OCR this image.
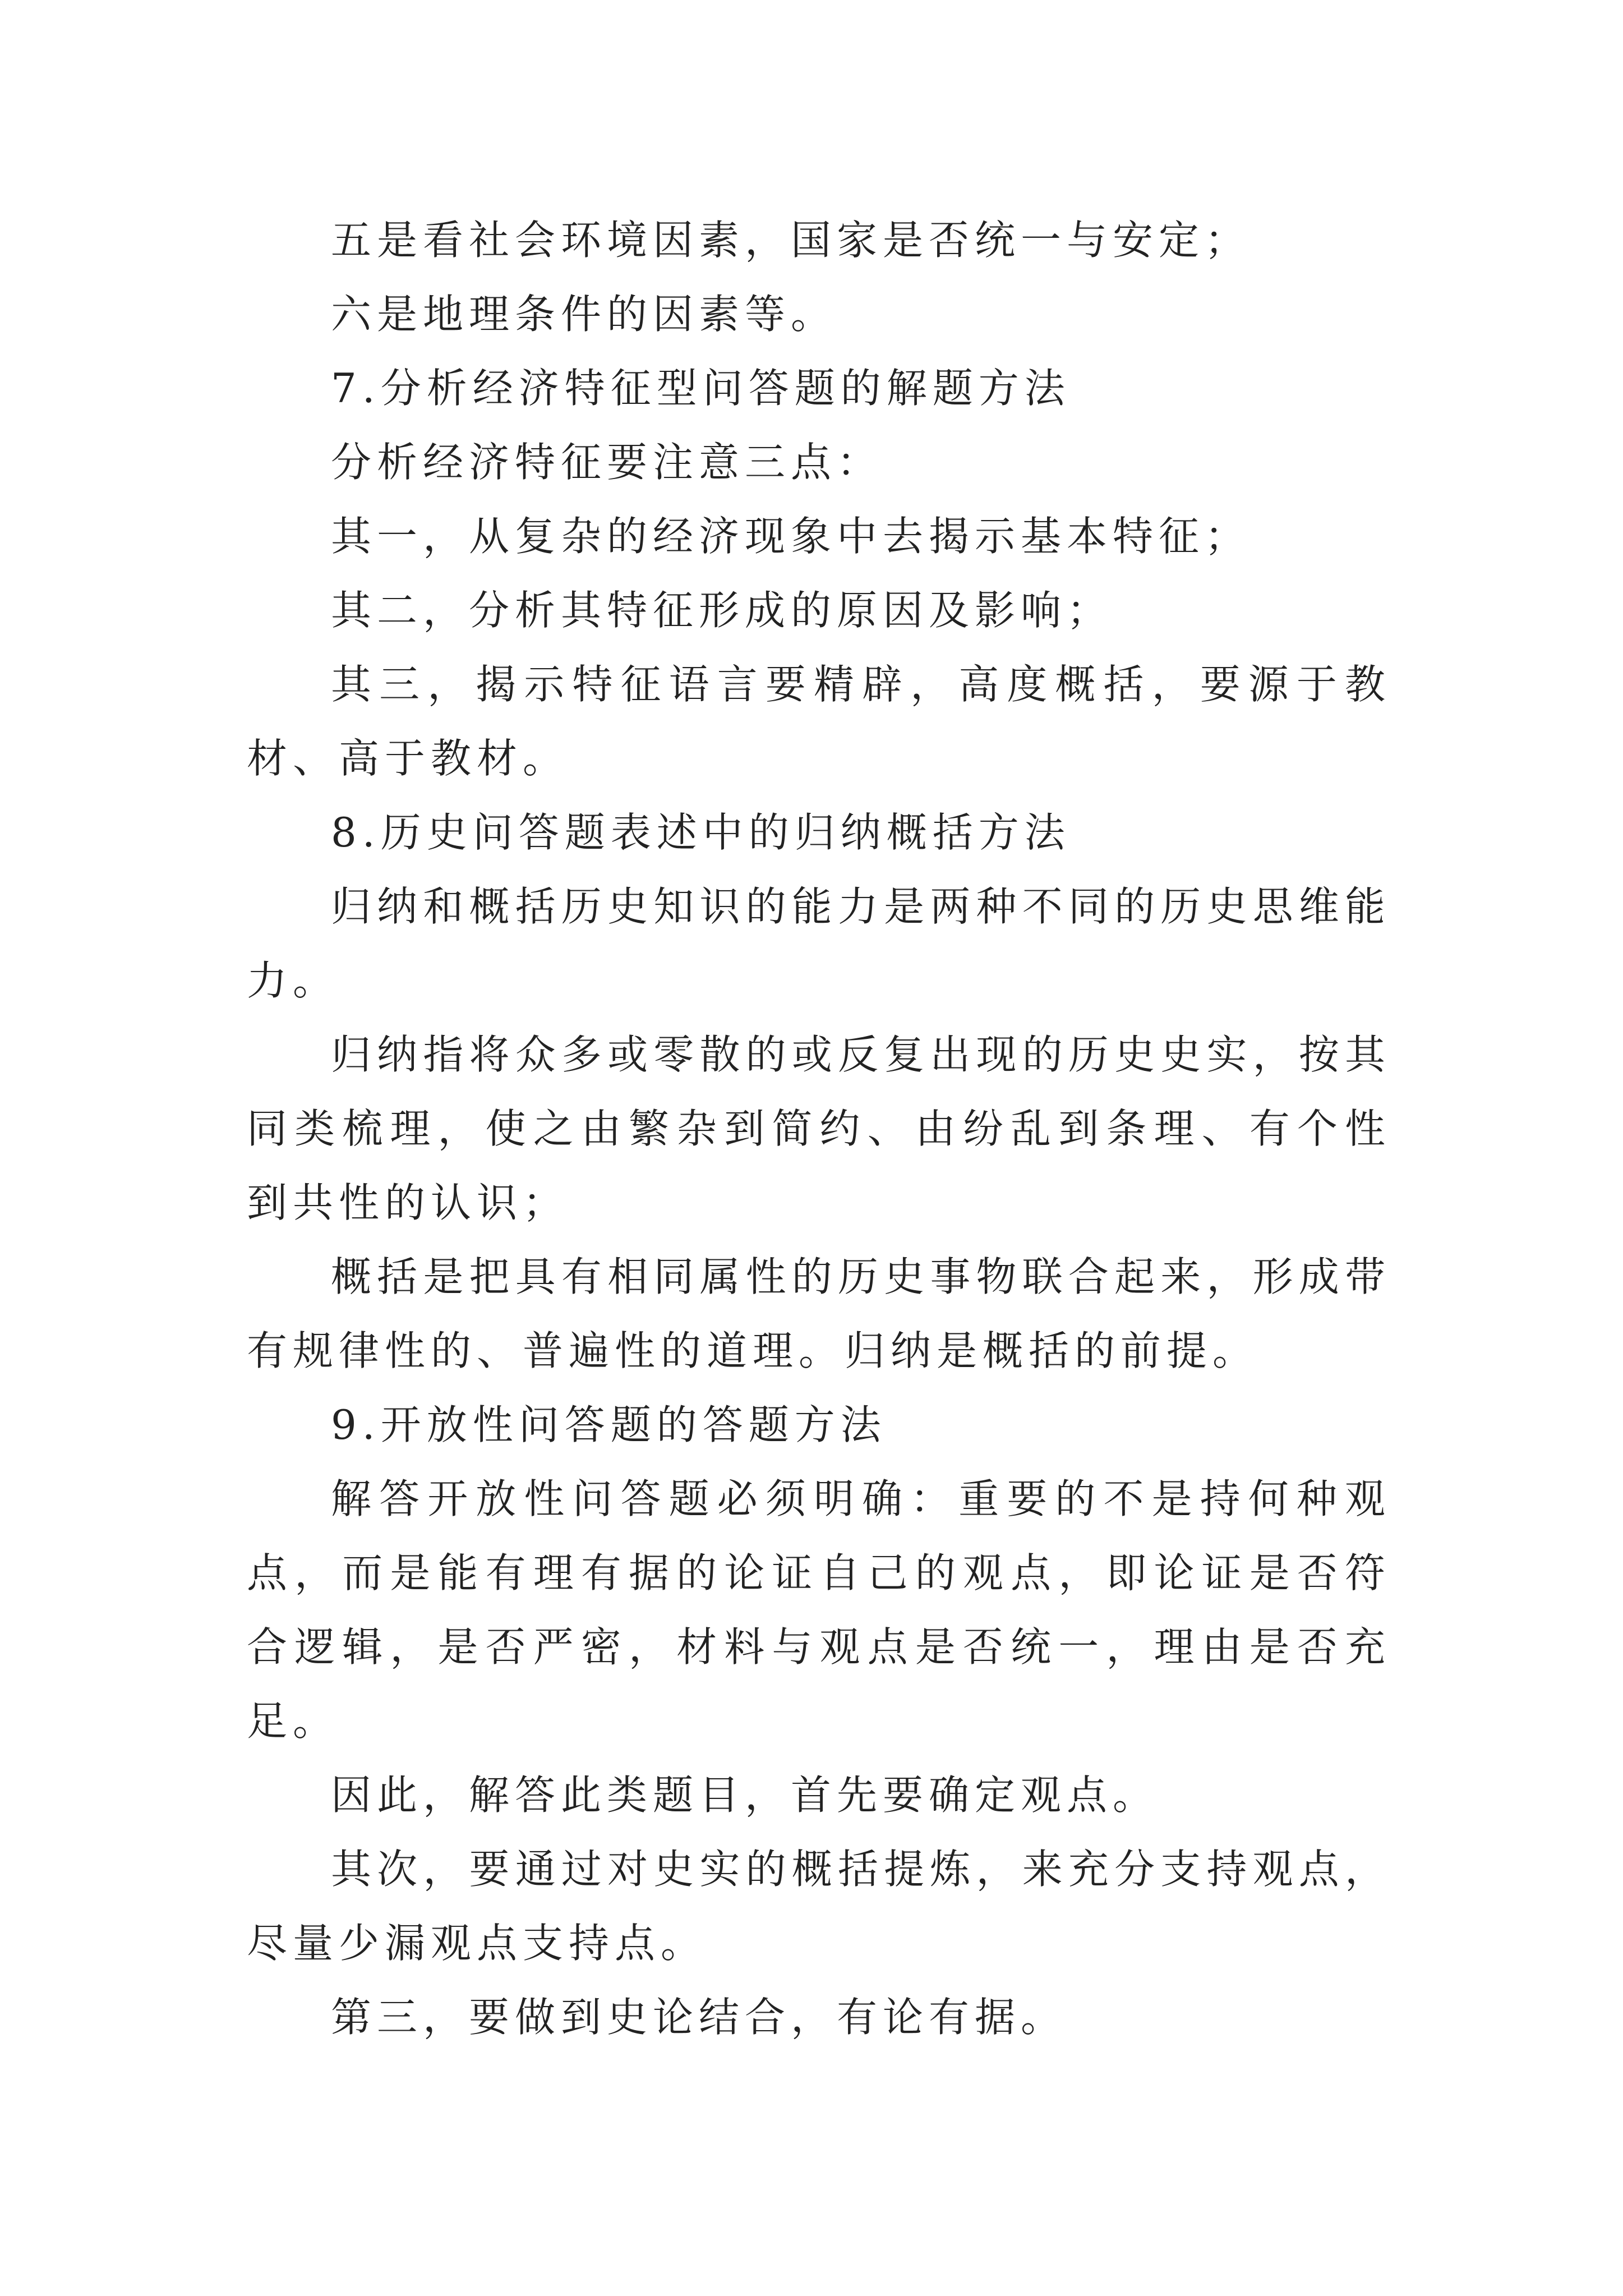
五是看社会环境因素，国家是否统一与安定；

六是地理条件的因素等。

7.分析经济特征型问答题的解题方法

分析经济特征要注意三点：

其一，从复杂的经济现象中去揭示基本特征；

其二，分析其特征形成的原因及影响；

其三，揭示特征语言要精辟，高度概括，要源于教材、高于教材。

8.历史问答题表述中的归纳概括方法

归纳和概括历史知识的能力是两种不同的历史思维能力。

归纳指将众多或零散的或反复出现的历史史实，按其同类梳理，使之由繁杂到简约、由纷乱到条理、有个性到共性的认识；

概括是把具有相同属性的历史事物联合起来，形成带有规律性的、普遍性的道理。归纳是概括的前提。

9.开放性问答题的答题方法

解答开放性问答题必须明确：重要的不是持何种观点，而是能有理有据的论证自己的观点，即论证是否符合逻辑，是否严密，材料与观点是否统一，理由是否充足。

因此，解答此类题目，首先要确定观点。

其次，要通过对史实的概括提炼，来充分支持观点，尽量少漏观点支持点。

第三，要做到史论结合，有论有据。
